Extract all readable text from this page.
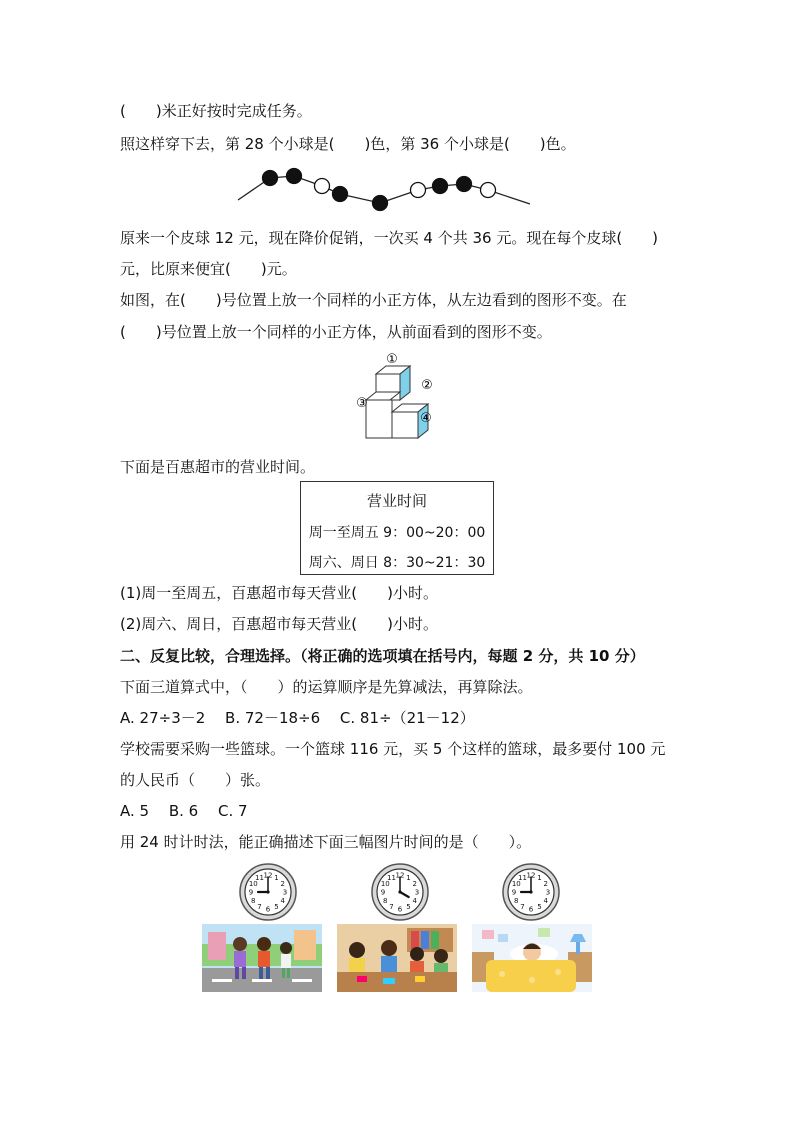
(　　)米正好按时完成任务。
照这样穿下去，第 28 个小球是(　　)色，第 36 个小球是(　　)色。
原来一个皮球 12 元，现在降价促销，一次买 4 个共 36 元。现在每个皮球(　　)
元，比原来便宜(　　)元。
如图，在(　　)号位置上放一个同样的小正方体，从左边看到的图形不变。在
(　　)号位置上放一个同样的小正方体，从前面看到的图形不变。
①
②
③
④
下面是百惠超市的营业时间。
营业时间
周一至周五 9：00~20：00
周六、周日 8：30~21：30
(1)周一至周五，百惠超市每天营业(　　)小时。
(2)周六、周日，百惠超市每天营业(　　)小时。
二、反复比较，合理选择。（将正确的选项填在括号内，每题 2 分，共 10 分）
下面三道算式中，（　　）的运算顺序是先算减法，再算除法。
A. 27÷3－2　 B. 72－18÷6　 C. 81÷（21－12）
学校需要采购一些篮球。一个篮球 116 元，买 5 个这样的篮球，最多要付 100 元
的人民币（　　）张。
A. 5　 B. 6　 C. 7
用 24 时计时法，能正确描述下面三幅图片时间的是（　　）。
1
2
3
4
5
6
7
8
9
10
11 12	1
2
3
4
5
6
7
8
9
10
11 12	1
2
3
4
5
6
7
8
9
10
11 12
